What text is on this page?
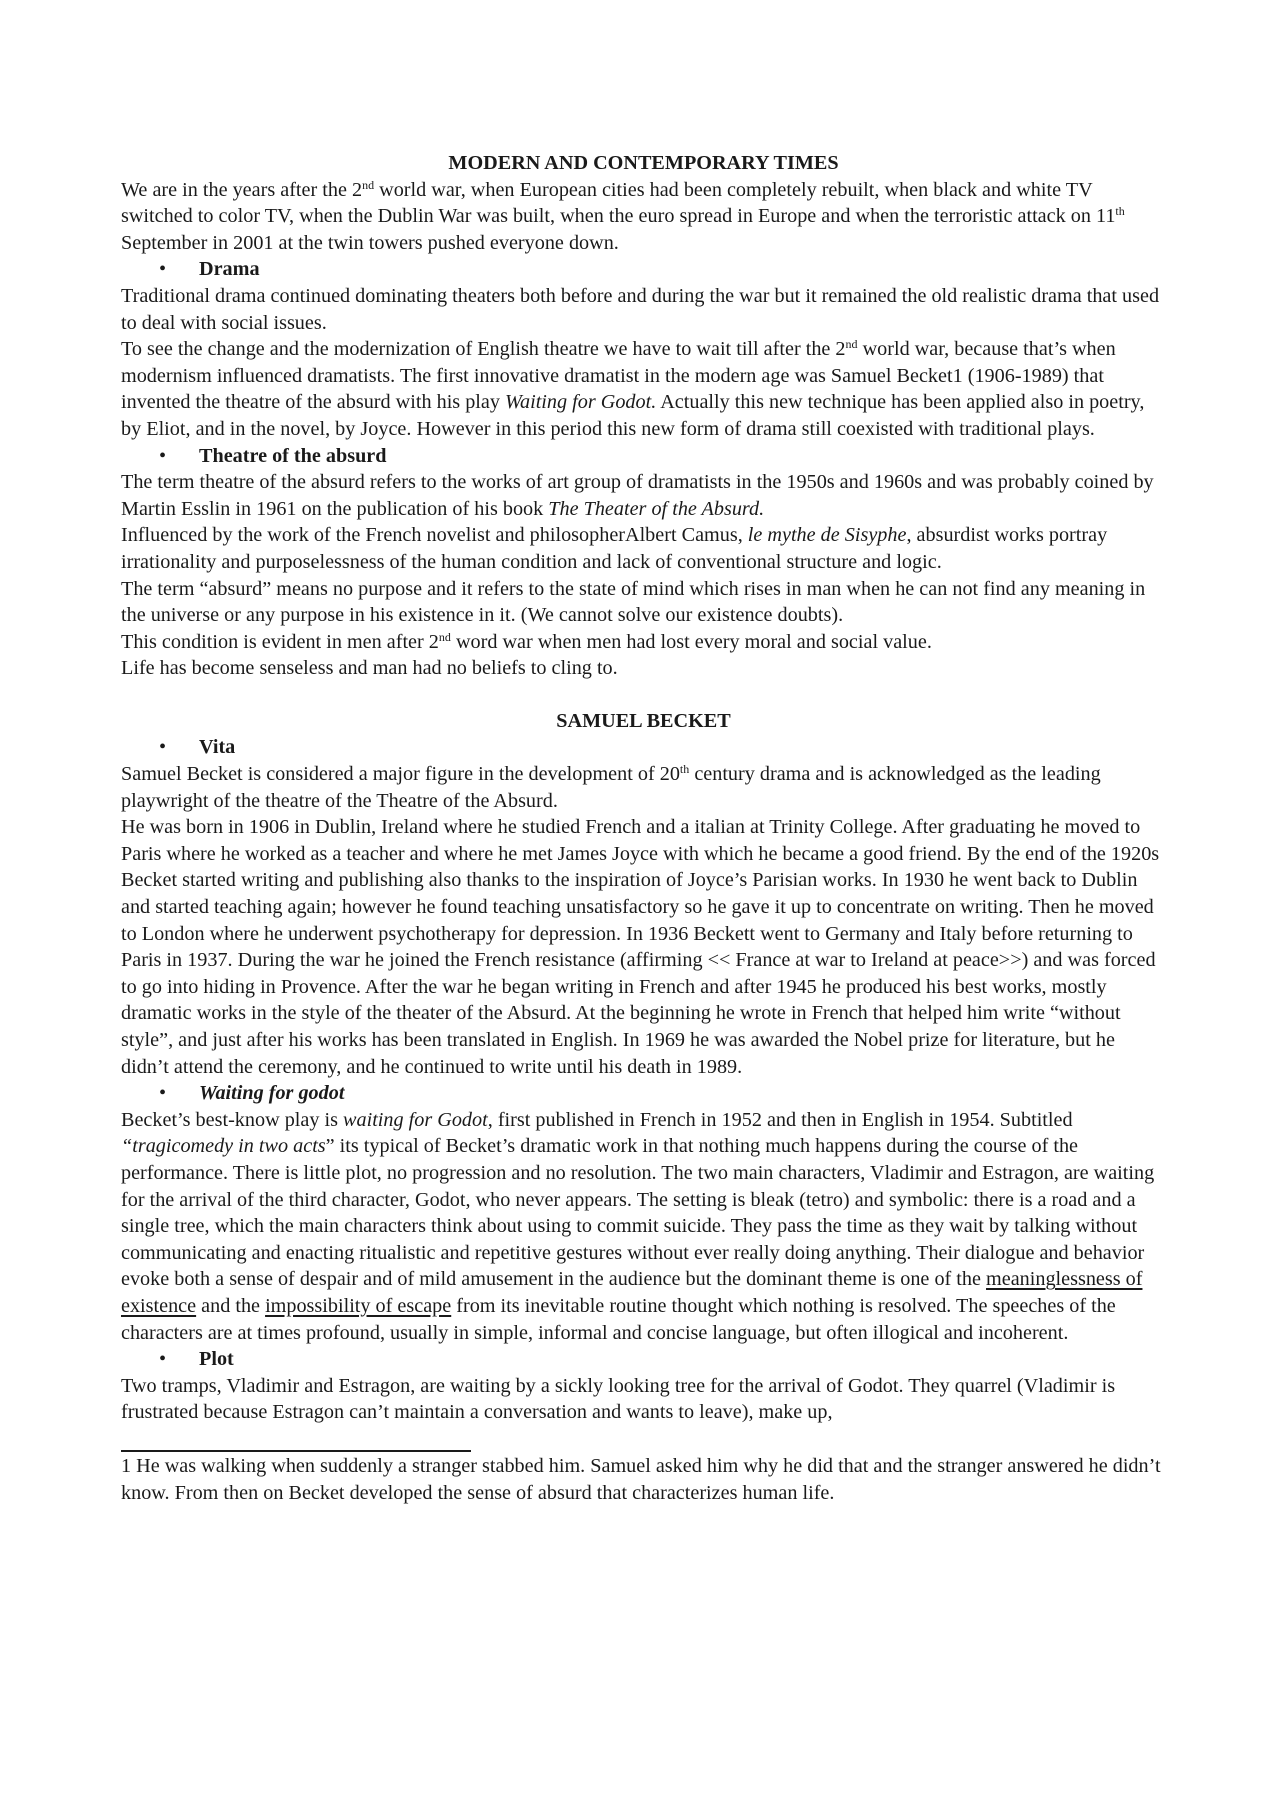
MODERN AND CONTEMPORARY TIMES

We are in the years after the 2nd world war, when European cities had been completely rebuilt, when black and white TV switched to color TV, when the Dublin War was built, when the euro spread in Europe and when the terroristic attack on 11th September in 2001 at the twin towers pushed everyone down.

• Drama

Traditional drama continued dominating theaters both before and during the war but it remained the old realistic drama that used to deal with social issues.

To see the change and the modernization of English theatre we have to wait till after the 2nd world war, because that’s when modernism influenced dramatists. The first innovative dramatist in the modern age was Samuel Becket1 (1906-1989) that invented the theatre of the absurd with his play Waiting for Godot. Actually this new technique has been applied also in poetry, by Eliot, and in the novel, by Joyce. However in this period this new form of drama still coexisted with traditional plays.

• Theatre of the absurd

The term theatre of the absurd refers to the works of art group of dramatists in the 1950s and 1960s and was probably coined by Martin Esslin in 1961 on the publication of his book The Theater of the Absurd.

Influenced by the work of the French novelist and philosopherAlbert Camus, le mythe de Sisyphe, absurdist works portray irrationality and purposelessness of the human condition and lack of conventional structure and logic.

The term “absurd” means no purpose and it refers to the state of mind which rises in man when he can not find any meaning in the universe or any purpose in his existence in it. (We cannot solve our existence doubts).

This condition is evident in men after 2nd word war when men had lost every moral and social value.

Life has become senseless and man had no beliefs to cling to.

SAMUEL BECKET

• Vita

Samuel Becket is considered a major figure in the development of 20th century drama and is acknowledged as the leading playwright of the theatre of the Theatre of the Absurd.

He was born in 1906 in Dublin, Ireland where he studied French and a italian at Trinity College. After graduating he moved to Paris where he worked as a teacher and where he met James Joyce with which he became a good friend. By the end of the 1920s Becket started writing and publishing also thanks to the inspiration of Joyce’s Parisian works. In 1930 he went back to Dublin and started teaching again; however he found teaching unsatisfactory so he gave it up to concentrate on writing. Then he moved to London where he underwent psychotherapy for depression. In 1936 Beckett went to Germany and Italy before returning to Paris in 1937. During the war he joined the French resistance (affirming << France at war to Ireland at peace>>) and was forced to go into hiding in Provence. After the war he began writing in French and after 1945 he produced his best works, mostly dramatic works in the style of the theater of the Absurd. At the beginning he wrote in French that helped him write “without style”, and just after his works has been translated in English. In 1969 he was awarded the Nobel prize for literature, but he didn’t attend the ceremony, and he continued to write until his death in 1989.

• Waiting for godot

Becket’s best-know play is waiting for Godot, first published in French in 1952 and then in English in 1954. Subtitled “tragicomedy in two acts” its typical of Becket’s dramatic work in that nothing much happens during the course of the performance. There is little plot, no progression and no resolution. The two main characters, Vladimir and Estragon, are waiting for the arrival of the third character, Godot, who never appears. The setting is bleak (tetro) and symbolic: there is a road and a single tree, which the main characters think about using to commit suicide. They pass the time as they wait by talking without communicating and enacting ritualistic and repetitive gestures without ever really doing anything. Their dialogue and behavior evoke both a sense of despair and of mild amusement in the audience but the dominant theme is one of the meaninglessness of existence and the impossibility of escape from its inevitable routine thought which nothing is resolved. The speeches of the characters are at times profound, usually in simple, informal and concise language, but often illogical and incoherent.

• Plot

Two tramps, Vladimir and Estragon, are waiting by a sickly looking tree for the arrival of Godot. They quarrel (Vladimir is frustrated because Estragon can’t maintain a conversation and wants to leave), make up,

1 He was walking when suddenly a stranger stabbed him. Samuel asked him why he did that and the stranger answered he didn’t know. From then on Becket developed the sense of absurd that characterizes human life.
